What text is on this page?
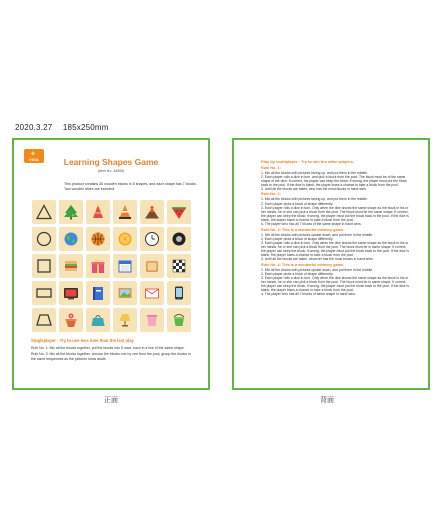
2020.3.27 185x250mm
✦
VIGA	Learning Shapes Game
(Item No. 44506)
This product contains 30 wooden blocks in 5 shapes, and each shape has 7 blocks. Two wooden dices are included.
Singleplayer · Try to use less time than the last play

Rule No. 1: Mix all the blocks together, put the blocks into 5 rows, each in a line of the same shape.

Rule No. 2: Mix all the blocks together, choose the blocks one by one from the pool, group the blocks in the same sequences as the pictures show aside.

Play by multiplayer · Try to win the other players.
Rule No. 1:

1. Mix all the blocks with pictures facing up, and put them in the middle.

2. Each player rolls a dice in turn, and pick a block from the pool. The block must be of the same shape of the dice. If correct, the player can keep the block; if wrong, the player must put the block back to the pool. If the dice is blank, the player loses a chance to take a block from the pool.

3. Until all the blocks are taken, who has the most blocks in hand wins.

Rule No. 2:

1. Mix all the blocks with pictures facing up, and put them in the middle.

2. Each player picks a block of shape differently.

3. Each player rolls a dice in turn. Only when the dice shows the same shape as the block in his or her hands, he or she can pick a block from the pool. The block must be the same shape. If correct, the player can keep the block; if wrong, the player must put the block back in the pool. If the dice is blank, the player loses a chance to take a block from the pool.

4. The player who has all 7 blocks of the same shape in hand wins.

Rule No. 3: This is a wonderful memory game.

1. Mix all the blocks with pictures upside down, and put them in the middle.

2. Each player picks a block of shape differently.

3. Each player rolls a dice in turn. Only when the dice shows the same shape as the block in his or her hands, he or she can pick a block from the pool. The block must be in same shape. If correct, the player can keep the block; if wrong, the player must put the block back to the pool. If the dice is blank, the player loses a chance to take a block from the pool.

3. Until all the blocks are taken, whoever has the most blocks in hand wins.

Rule No. 4: This is a wonderful memory game.

1. Mix all the blocks with pictures upside down, and put them in the middle.

2. Each player picks a block of shape differently.

3. Each player rolls a dice in turn. Only when the dice shows the same shape as the block in his or her hands, he or she can pick a block from the pool. The block must be in same shape. If correct, the player can keep the block; if wrong, the player must put the block back to the pool. If the dice is blank, the player loses a chance to take a block from the pool.

4. The player who has all 7 blocks of same shape in hand wins.

正面	背面
